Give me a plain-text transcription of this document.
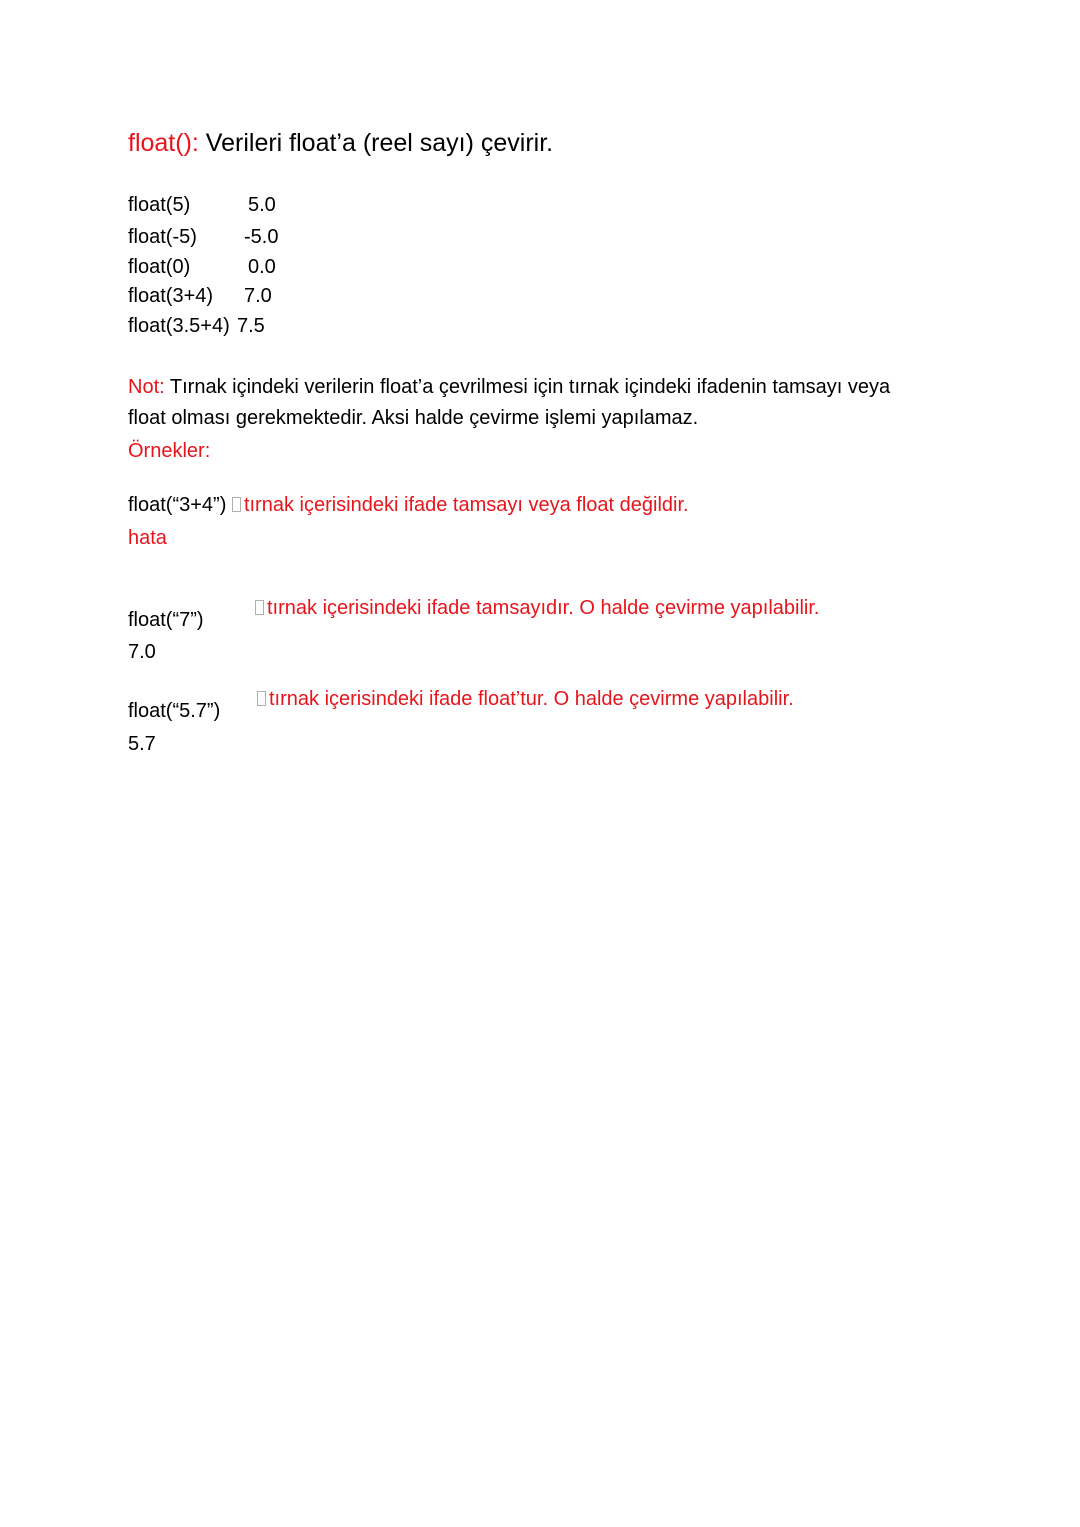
float(): Verileri float’a (reel sayı) çevirir.
float(5)	5.0
float(-5) -5.0
float(0)	0.0
float(3+4) 7.0
float(3.5+4) 7.5
Not: Tırnak içindeki verilerin float’a çevrilmesi için tırnak içindeki ifadenin tamsayı veya
float olması gerekmektedir. Aksi halde çevirme işlemi yapılamaz.
Örnekler:
float(“3+4”) tırnak içerisindeki ifade tamsayı veya float değildir.
hata
tırnak içerisindeki ifade tamsayıdır. O halde çevirme yapılabilir.
float(“7”)
7.0
tırnak içerisindeki ifade float’tur. O halde çevirme yapılabilir.
float(“5.7”)
5.7
